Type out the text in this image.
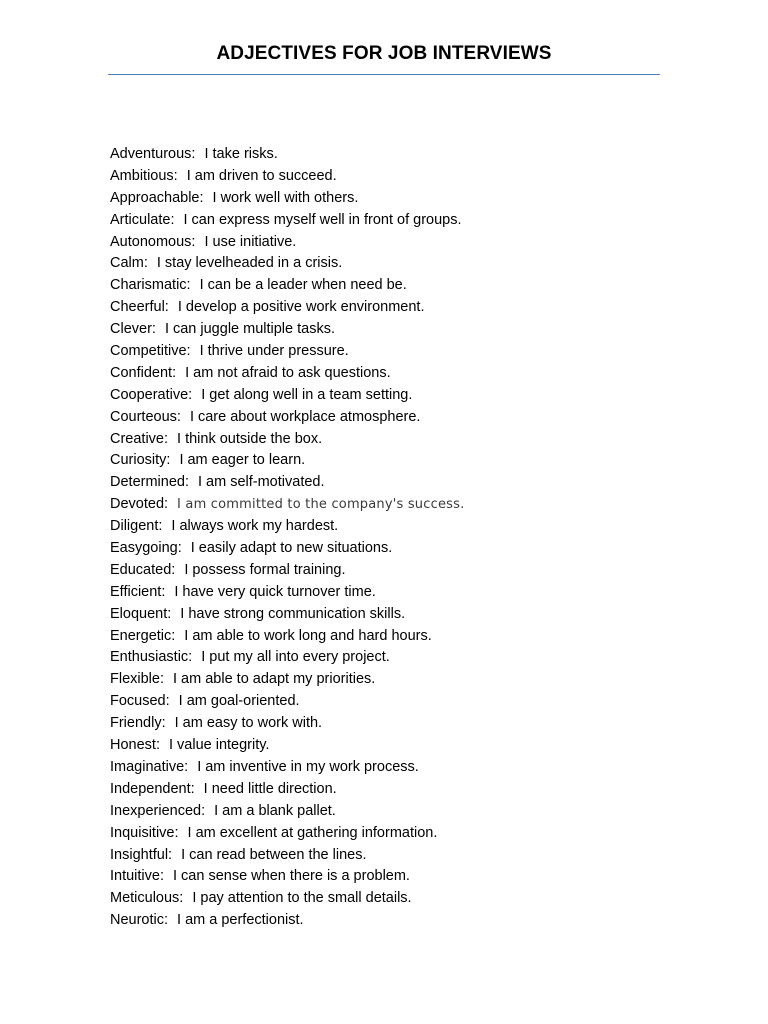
ADJECTIVES FOR JOB INTERVIEWS
Adventurous: I take risks.
Ambitious: I am driven to succeed.
Approachable: I work well with others.
Articulate: I can express myself well in front of groups.
Autonomous: I use initiative.
Calm: I stay levelheaded in a crisis.
Charismatic: I can be a leader when need be.
Cheerful: I develop a positive work environment.
Clever: I can juggle multiple tasks.
Competitive: I thrive under pressure.
Confident: I am not afraid to ask questions.
Cooperative: I get along well in a team setting.
Courteous: I care about workplace atmosphere.
Creative: I think outside the box.
Curiosity: I am eager to learn.
Determined: I am self-motivated.
Devoted: I am committed to the company's success.
Diligent: I always work my hardest.
Easygoing: I easily adapt to new situations.
Educated: I possess formal training.
Efficient: I have very quick turnover time.
Eloquent: I have strong communication skills.
Energetic: I am able to work long and hard hours.
Enthusiastic: I put my all into every project.
Flexible: I am able to adapt my priorities.
Focused: I am goal-oriented.
Friendly: I am easy to work with.
Honest: I value integrity.
Imaginative: I am inventive in my work process.
Independent: I need little direction.
Inexperienced: I am a blank pallet.
Inquisitive: I am excellent at gathering information.
Insightful: I can read between the lines.
Intuitive: I can sense when there is a problem.
Meticulous: I pay attention to the small details.
Neurotic: I am a perfectionist.
